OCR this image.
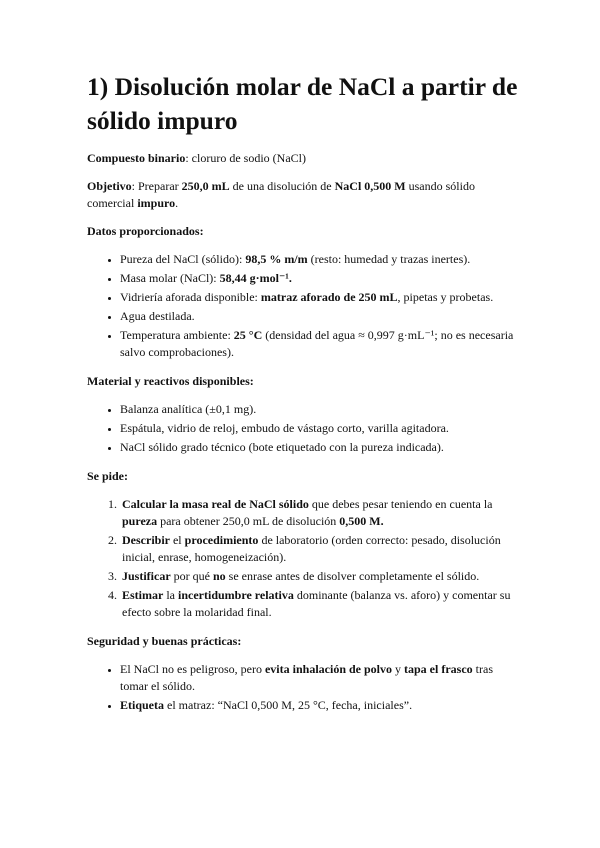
1) Disolución molar de NaCl a partir de sólido impuro

Compuesto binario: cloruro de sodio (NaCl)

Objetivo: Preparar 250,0 mL de una disolución de NaCl 0,500 M usando sólido comercial impuro.

Datos proporcionados:

• Pureza del NaCl (sólido): 98,5 % m/m (resto: humedad y trazas inertes).
• Masa molar (NaCl): 58,44 g·mol⁻¹.
• Vidriería aforada disponible: matraz aforado de 250 mL, pipetas y probetas.
• Agua destilada.
• Temperatura ambiente: 25 °C (densidad del agua ≈ 0,997 g·mL⁻¹; no es necesaria salvo comprobaciones).

Material y reactivos disponibles:

• Balanza analítica (±0,1 mg).
• Espátula, vidrio de reloj, embudo de vástago corto, varilla agitadora.
• NaCl sólido grado técnico (bote etiquetado con la pureza indicada).

Se pide:

1. Calcular la masa real de NaCl sólido que debes pesar teniendo en cuenta la pureza para obtener 250,0 mL de disolución 0,500 M.
2. Describir el procedimiento de laboratorio (orden correcto: pesado, disolución inicial, enrase, homogeneización).
3. Justificar por qué no se enrase antes de disolver completamente el sólido.
4. Estimar la incertidumbre relativa dominante (balanza vs. aforo) y comentar su efecto sobre la molaridad final.

Seguridad y buenas prácticas:

• El NaCl no es peligroso, pero evita inhalación de polvo y tapa el frasco tras tomar el sólido.
• Etiqueta el matraz: “NaCl 0,500 M, 25 °C, fecha, iniciales”.
